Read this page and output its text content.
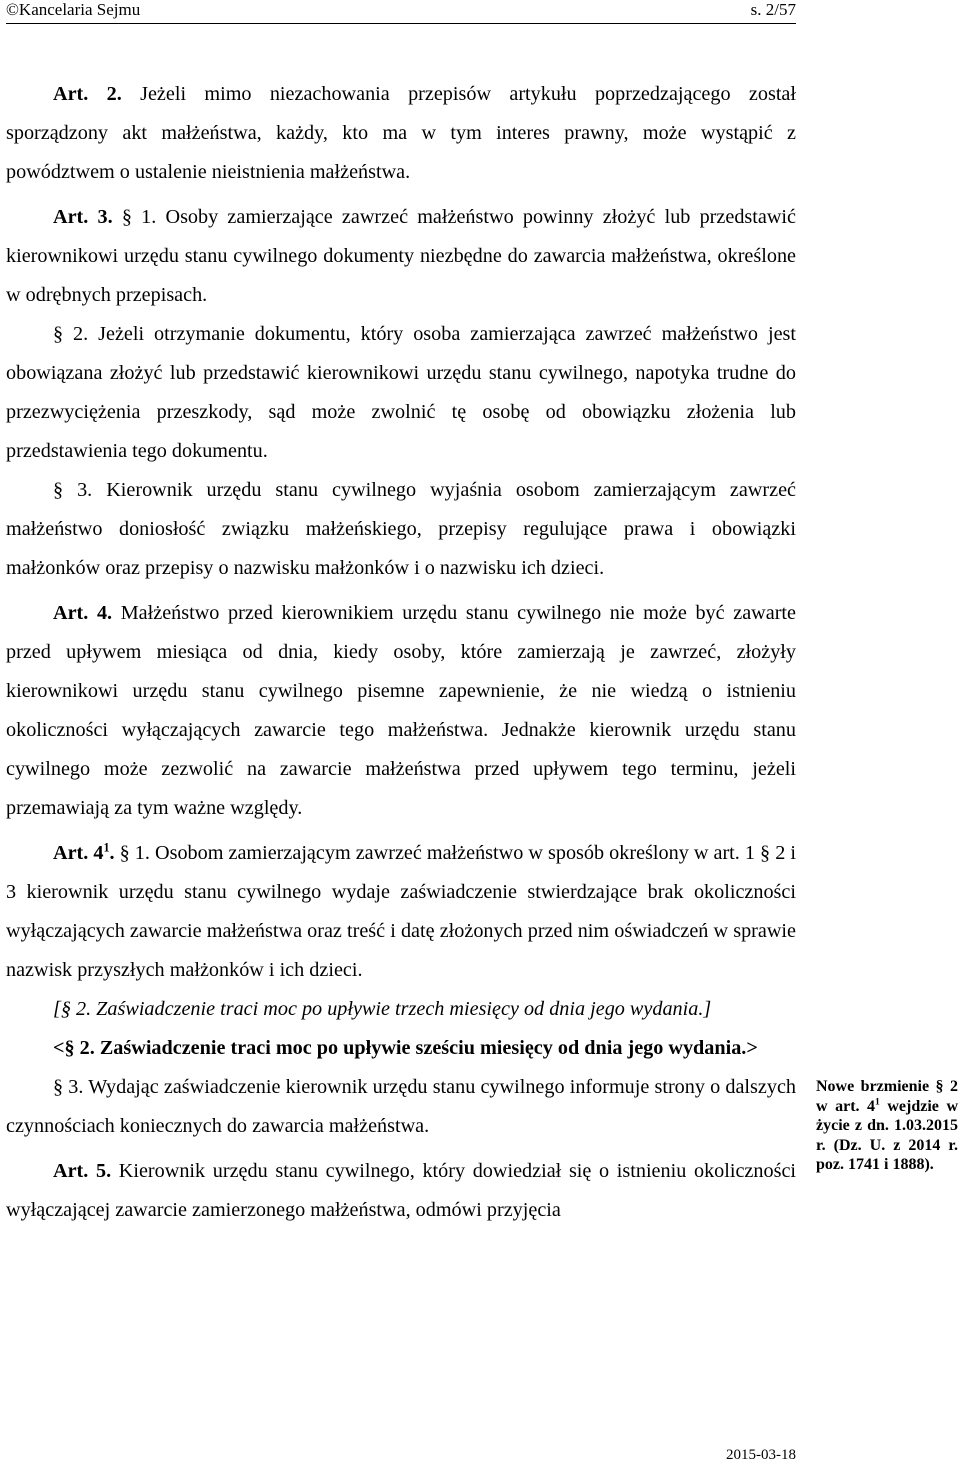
©Kancelaria Sejmu	s. 2/57

Art. 2. Jeżeli mimo niezachowania przepisów artykułu poprzedzającego został sporządzony akt małżeństwa, każdy, kto ma w tym interes prawny, może wystąpić z powództwem o ustalenie nieistnienia małżeństwa.

Art. 3. § 1. Osoby zamierzające zawrzeć małżeństwo powinny złożyć lub przedstawić kierownikowi urzędu stanu cywilnego dokumenty niezbędne do zawarcia małżeństwa, określone w odrębnych przepisach.

§ 2. Jeżeli otrzymanie dokumentu, który osoba zamierzająca zawrzeć małżeństwo jest obowiązana złożyć lub przedstawić kierownikowi urzędu stanu cywilnego, napotyka trudne do przezwyciężenia przeszkody, sąd może zwolnić tę osobę od obowiązku złożenia lub przedstawienia tego dokumentu.

§ 3. Kierownik urzędu stanu cywilnego wyjaśnia osobom zamierzającym zawrzeć małżeństwo doniosłość związku małżeńskiego, przepisy regulujące prawa i obowiązki małżonków oraz przepisy o nazwisku małżonków i o nazwisku ich dzieci.

Art. 4. Małżeństwo przed kierownikiem urzędu stanu cywilnego nie może być zawarte przed upływem miesiąca od dnia, kiedy osoby, które zamierzają je zawrzeć, złożyły kierownikowi urzędu stanu cywilnego pisemne zapewnienie, że nie wiedzą o istnieniu okoliczności wyłączających zawarcie tego małżeństwa. Jednakże kierownik urzędu stanu cywilnego może zezwolić na zawarcie małżeństwa przed upływem tego terminu, jeżeli przemawiają za tym ważne względy.

Art. $4^1$. § 1. Osobom zamierzającym zawrzeć małżeństwo w sposób określony w art. 1 § 2 i 3 kierownik urzędu stanu cywilnego wydaje zaświadczenie stwierdzające brak okoliczności wyłączających zawarcie małżeństwa oraz treść i datę złożonych przed nim oświadczeń w sprawie nazwisk przyszłych małżonków i ich dzieci.

[§ 2. Zaświadczenie traci moc po upływie trzech miesięcy od dnia jego wydania.]

<§ 2. Zaświadczenie traci moc po upływie sześciu miesięcy od dnia jego wydania.>

§ 3. Wydając zaświadczenie kierownik urzędu stanu cywilnego informuje strony o dalszych czynnościach koniecznych do zawarcia małżeństwa.

Art. 5. Kierownik urzędu stanu cywilnego, który dowiedział się o istnieniu okoliczności wyłączającej zawarcie zamierzonego małżeństwa, odmówi przyjęcia

Nowe brzmienie § 2 w art. $4^1$ wejdzie w życie z dn. 1.03.2015 r. (Dz. U. z 2014 r. poz. 1741 i 1888).
2015-03-18
